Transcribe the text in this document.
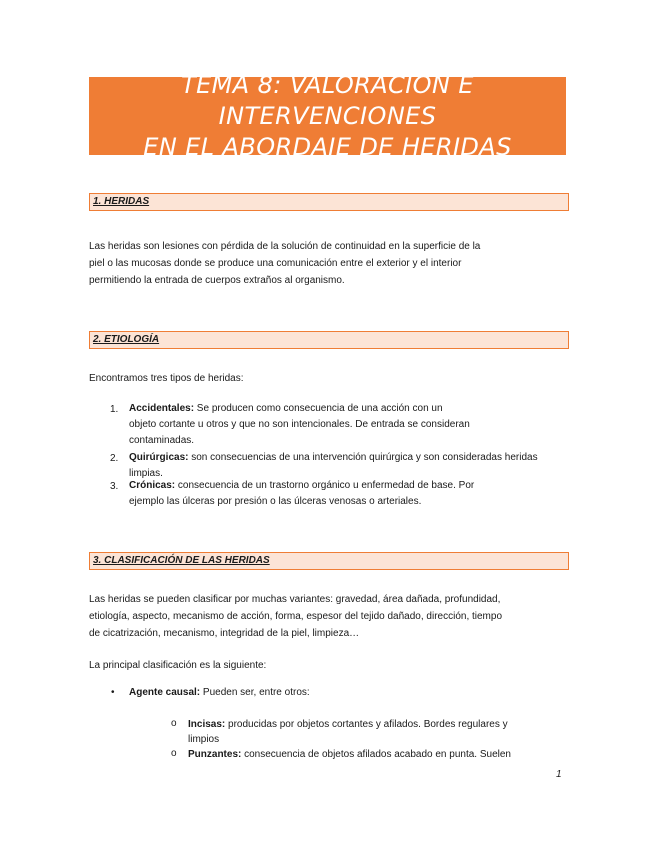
TEMA 8: VALORACIÓN E INTERVENCIONES
EN EL ABORDAJE DE HERIDAS
1. HERIDAS
Las heridas son lesiones con pérdida de la solución de continuidad en la superficie de la
piel o las mucosas donde se produce una comunicación entre el exterior y el interior
permitiendo la entrada de cuerpos extraños al organismo.
2. ETIOLOGÍA
Encontramos tres tipos de heridas:
1.	Accidentales: Se producen como consecuencia de una acción con un
objeto cortante u otros y que no son intencionales. De entrada se consideran
contaminadas.
2.	Quirúrgicas: son consecuencias de una intervención quirúrgica y son consideradas heridas
limpias.
3.	Crónicas: consecuencia de un trastorno orgánico u enfermedad de base. Por
ejemplo las úlceras por presión o las úlceras venosas o arteriales.
3. CLASIFICACIÓN DE LAS HERIDAS
Las heridas se pueden clasificar por muchas variantes: gravedad, área dañada, profundidad,
etiología, aspecto, mecanismo de acción, forma, espesor del tejido dañado, dirección, tiempo
de cicatrización, mecanismo, integridad de la piel, limpieza…
La principal clasificación es la siguiente:
• Agente causal: Pueden ser, entre otros:
o Incisas: producidas por objetos cortantes y afilados. Bordes regulares y
limpios
o Punzantes: consecuencia de objetos afilados acabado en punta. Suelen
1
